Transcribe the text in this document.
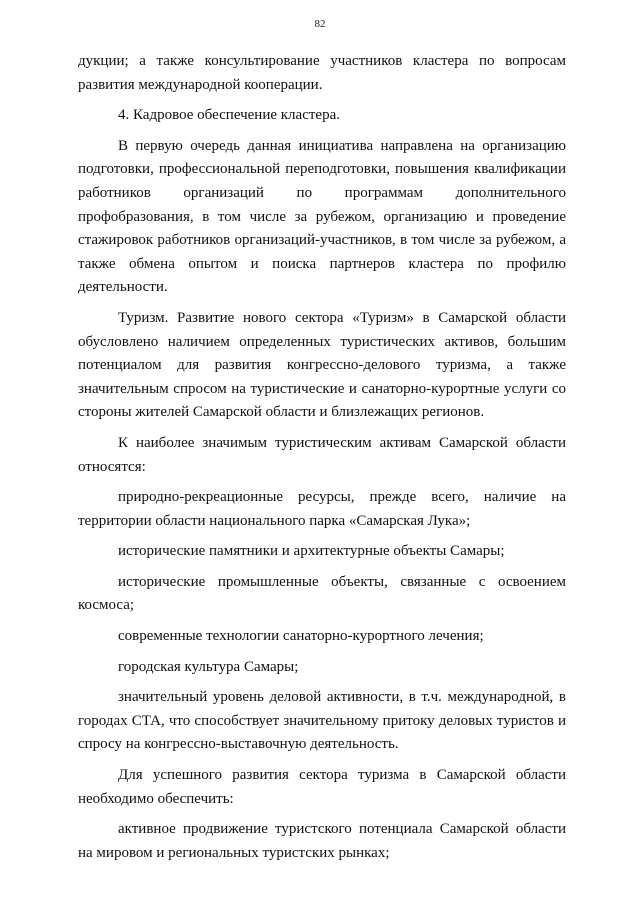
82

дукции; а также консультирование участников кластера по вопросам развития международной кооперации.

4. Кадровое обеспечение кластера.

В первую очередь данная инициатива направлена на организацию подготовки, профессиональной переподготовки, повышения квалификации работников организаций по программам дополнительного профобразования, в том числе за рубежом, организацию и проведение стажировок работников организаций-участников, в том числе за рубежом, а также обмена опытом и поиска партнеров кластера по профилю деятельности.

Туризм. Развитие нового сектора «Туризм» в Самарской области обусловлено наличием определенных туристических активов, большим потенциалом для развития конгрессно-делового туризма, а также значительным спросом на туристические и санаторно-курортные услуги со стороны жителей Самарской области и близлежащих регионов.

К наиболее значимым туристическим активам Самарской области относятся:

природно-рекреационные ресурсы, прежде всего, наличие на территории области национального парка «Самарская Лука»;

исторические памятники и архитектурные объекты Самары;

исторические промышленные объекты, связанные с освоением космоса;

современные технологии санаторно-курортного лечения;

городская культура Самары;

значительный уровень деловой активности, в т.ч. международной, в городах СТА, что способствует значительному притоку деловых туристов и спросу на конгрессно-выставочную деятельность.

Для успешного развития сектора туризма в Самарской области необходимо обеспечить:

активное продвижение туристского потенциала Самарской области на мировом и региональных туристских рынках;
